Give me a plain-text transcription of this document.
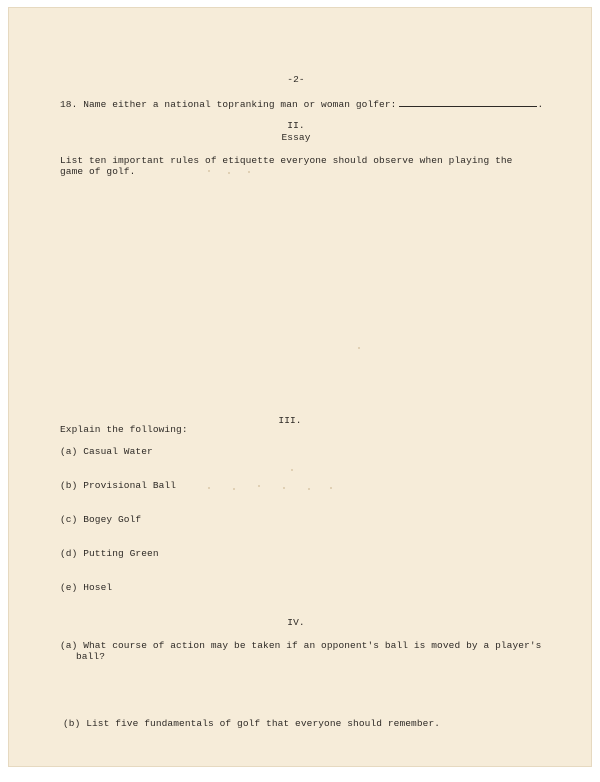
-2-
18. Name either a national topranking man or woman golfer:	.
II.
Essay
List ten important rules of etiquette everyone should observe when playing the
game of golf.
III.
Explain the following:
(a) Casual Water
(b) Provisional Ball
(c) Bogey Golf
(d) Putting Green
(e) Hosel
IV.
(a) What course of action may be taken if an opponent's ball is moved by a player's
ball?
(b) List five fundamentals of golf that everyone should remember.
